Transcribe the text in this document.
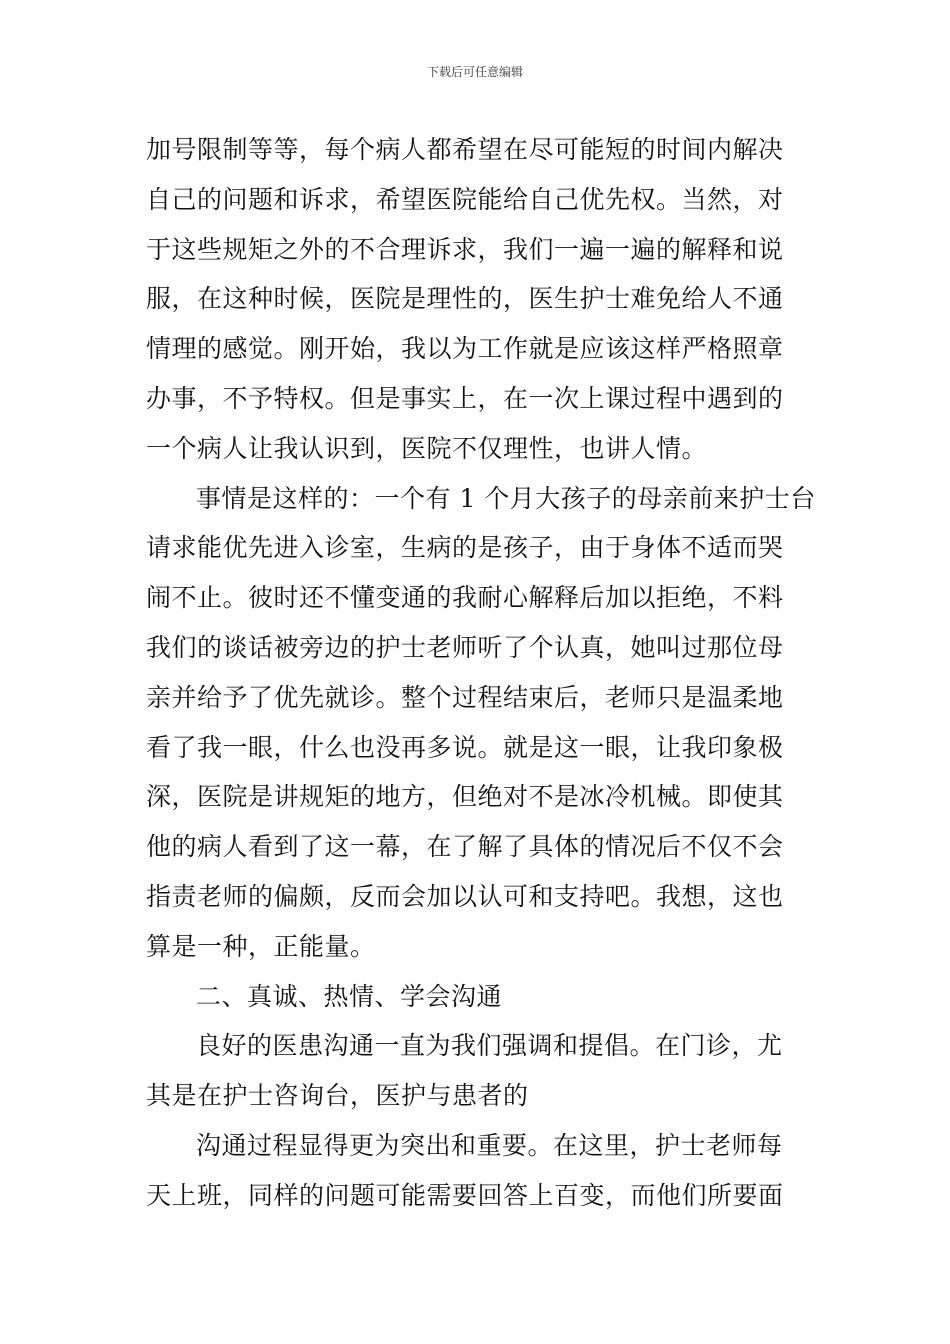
下载后可任意编辑
加号限制等等，每个病人都希望在尽可能短的时间内解决
自己的问题和诉求，希望医院能给自己优先权。当然，对
于这些规矩之外的不合理诉求，我们一遍一遍的解释和说
服，在这种时候，医院是理性的，医生护士难免给人不通
情理的感觉。刚开始，我以为工作就是应该这样严格照章
办事，不予特权。但是事实上，在一次上课过程中遇到的
一个病人让我认识到，医院不仅理性，也讲人情。
事情是这样的：一个有 1 个月大孩子的母亲前来护士台
请求能优先进入诊室，生病的是孩子，由于身体不适而哭
闹不止。彼时还不懂变通的我耐心解释后加以拒绝，不料
我们的谈话被旁边的护士老师听了个认真，她叫过那位母
亲并给予了优先就诊。整个过程结束后，老师只是温柔地
看了我一眼，什么也没再多说。就是这一眼，让我印象极
深，医院是讲规矩的地方，但绝对不是冰冷机械。即使其
他的病人看到了这一幕，在了解了具体的情况后不仅不会
指责老师的偏颇，反而会加以认可和支持吧。我想，这也
算是一种，正能量。
二、真诚、热情、学会沟通
良好的医患沟通一直为我们强调和提倡。在门诊，尤
其是在护士咨询台，医护与患者的
沟通过程显得更为突出和重要。在这里，护士老师每
天上班，同样的问题可能需要回答上百变，而他们所要面
